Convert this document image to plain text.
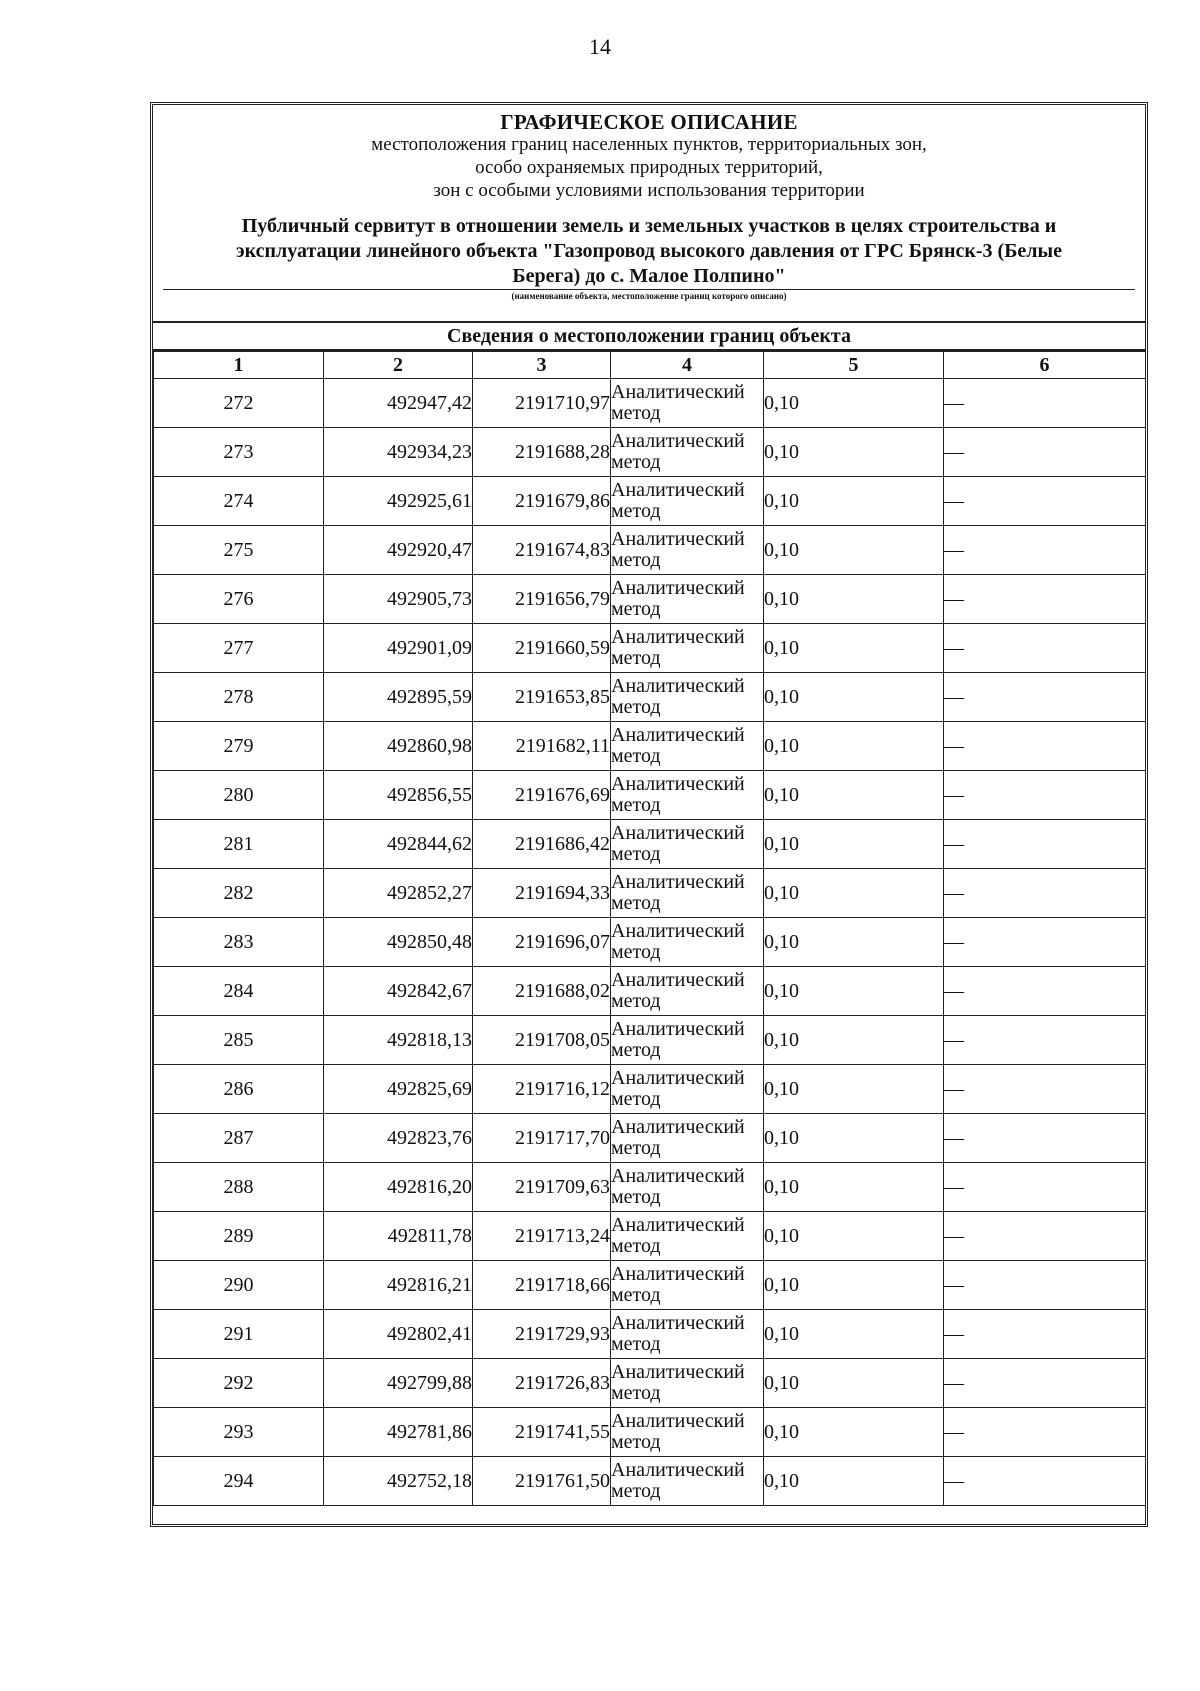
14
ГРАФИЧЕСКОЕ ОПИСАНИЕ
местоположения границ населенных пунктов, территориальных зон,
особо охраняемых природных территорий,
зон с особыми условиями использования территории
Публичный сервитут в отношении земель и земельных участков в целях строительства и
эксплуатации линейного объекта "Газопровод высокого давления от ГРС Брянск-3 (Белые
Берега) до с. Малое Полпино"
(наименование объекта, местоположение границ которого описано)
Сведения о местоположении границ объекта
1	2	3	4	5	6
272	492947,42	2191710,97	Аналитический метод	0,10	—
273	492934,23	2191688,28	Аналитический метод	0,10	—
274	492925,61	2191679,86	Аналитический метод	0,10	—
275	492920,47	2191674,83	Аналитический метод	0,10	—
276	492905,73	2191656,79	Аналитический метод	0,10	—
277	492901,09	2191660,59	Аналитический метод	0,10	—
278	492895,59	2191653,85	Аналитический метод	0,10	—
279	492860,98	2191682,11	Аналитический метод	0,10	—
280	492856,55	2191676,69	Аналитический метод	0,10	—
281	492844,62	2191686,42	Аналитический метод	0,10	—
282	492852,27	2191694,33	Аналитический метод	0,10	—
283	492850,48	2191696,07	Аналитический метод	0,10	—
284	492842,67	2191688,02	Аналитический метод	0,10	—
285	492818,13	2191708,05	Аналитический метод	0,10	—
286	492825,69	2191716,12	Аналитический метод	0,10	—
287	492823,76	2191717,70	Аналитический метод	0,10	—
288	492816,20	2191709,63	Аналитический метод	0,10	—
289	492811,78	2191713,24	Аналитический метод	0,10	—
290	492816,21	2191718,66	Аналитический метод	0,10	—
291	492802,41	2191729,93	Аналитический метод	0,10	—
292	492799,88	2191726,83	Аналитический метод	0,10	—
293	492781,86	2191741,55	Аналитический метод	0,10	—
294	492752,18	2191761,50	Аналитический метод	0,10	—
